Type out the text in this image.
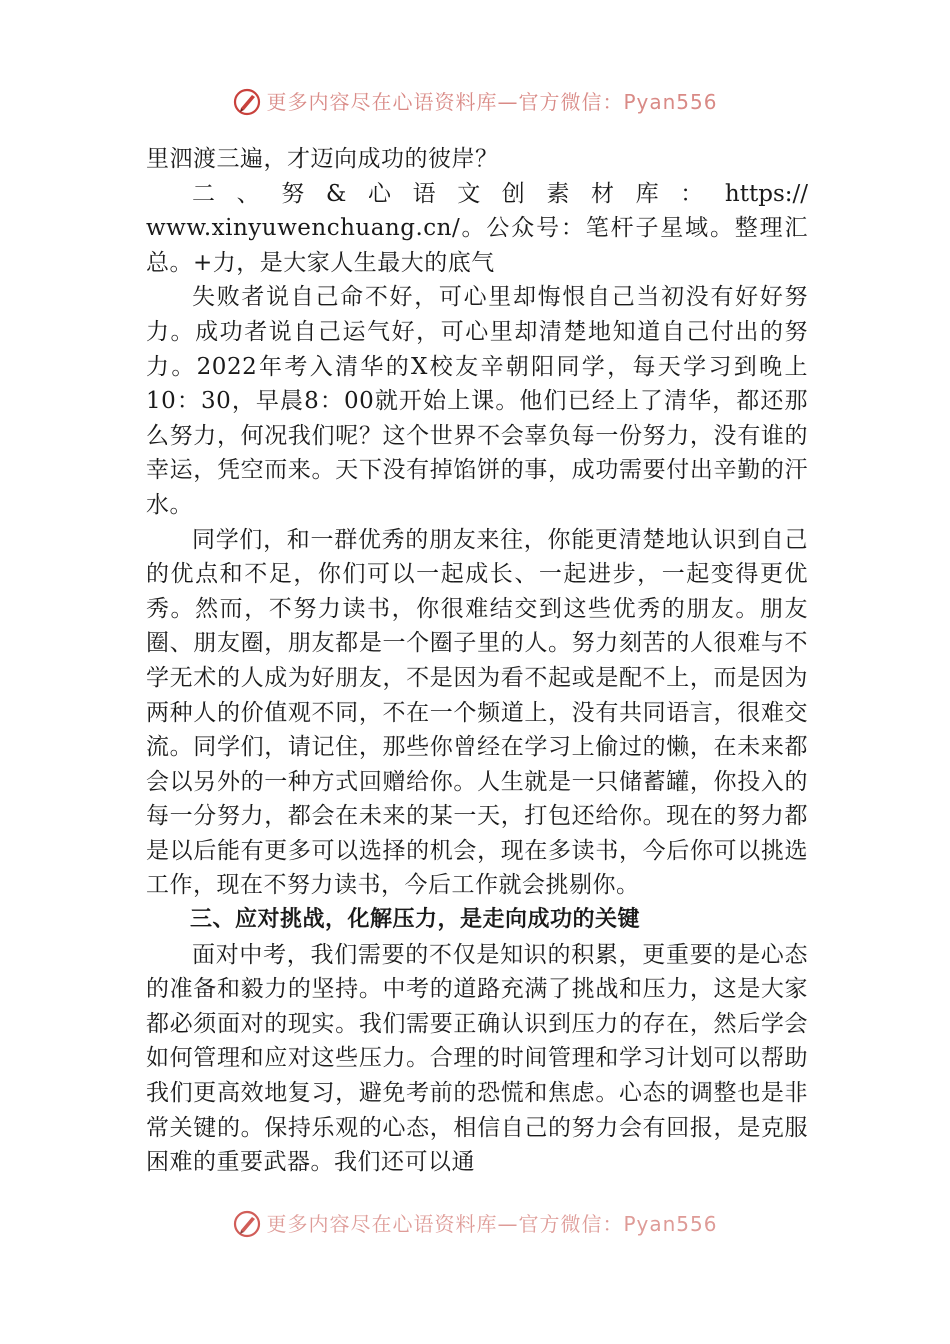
更多内容尽在心语资料库—官方微信：Pyan556

里泗渡三遍，才迈向成功的彼岸？

二、努&心语文创素材库：https://

www.xinyuwenchuang.cn/。公众号：笔杆子星域。整理汇总。+力，是大家人生最大的底气

失败者说自己命不好，可心里却悔恨自己当初没有好好努力。成功者说自己运气好，可心里却清楚地知道自己付出的努力。2022年考入清华的X校友辛朝阳同学，每天学习到晚上10：30，早晨8：00就开始上课。他们已经上了清华，都还那么努力，何况我们呢？这个世界不会辜负每一份努力，没有谁的幸运，凭空而来。天下没有掉馅饼的事，成功需要付出辛勤的汗水。

同学们，和一群优秀的朋友来往，你能更清楚地认识到自己的优点和不足，你们可以一起成长、一起进步，一起变得更优秀。然而，不努力读书，你很难结交到这些优秀的朋友。朋友圈、朋友圈，朋友都是一个圈子里的人。努力刻苦的人很难与不学无术的人成为好朋友，不是因为看不起或是配不上，而是因为两种人的价值观不同，不在一个频道上，没有共同语言，很难交流。同学们，请记住，那些你曾经在学习上偷过的懒，在未来都会以另外的一种方式回赠给你。人生就是一只储蓄罐，你投入的每一分努力，都会在未来的某一天，打包还给你。现在的努力都是以后能有更多可以选择的机会，现在多读书，今后你可以挑选工作，现在不努力读书，今后工作就会挑剔你。

三、应对挑战，化解压力，是走向成功的关键

面对中考，我们需要的不仅是知识的积累，更重要的是心态的准备和毅力的坚持。中考的道路充满了挑战和压力，这是大家都必须面对的现实。我们需要正确认识到压力的存在，然后学会如何管理和应对这些压力。合理的时间管理和学习计划可以帮助我们更高效地复习，避免考前的恐慌和焦虑。心态的调整也是非常关键的。保持乐观的心态，相信自己的努力会有回报，是克服困难的重要武器。我们还可以通

更多内容尽在心语资料库—官方微信：Pyan556
